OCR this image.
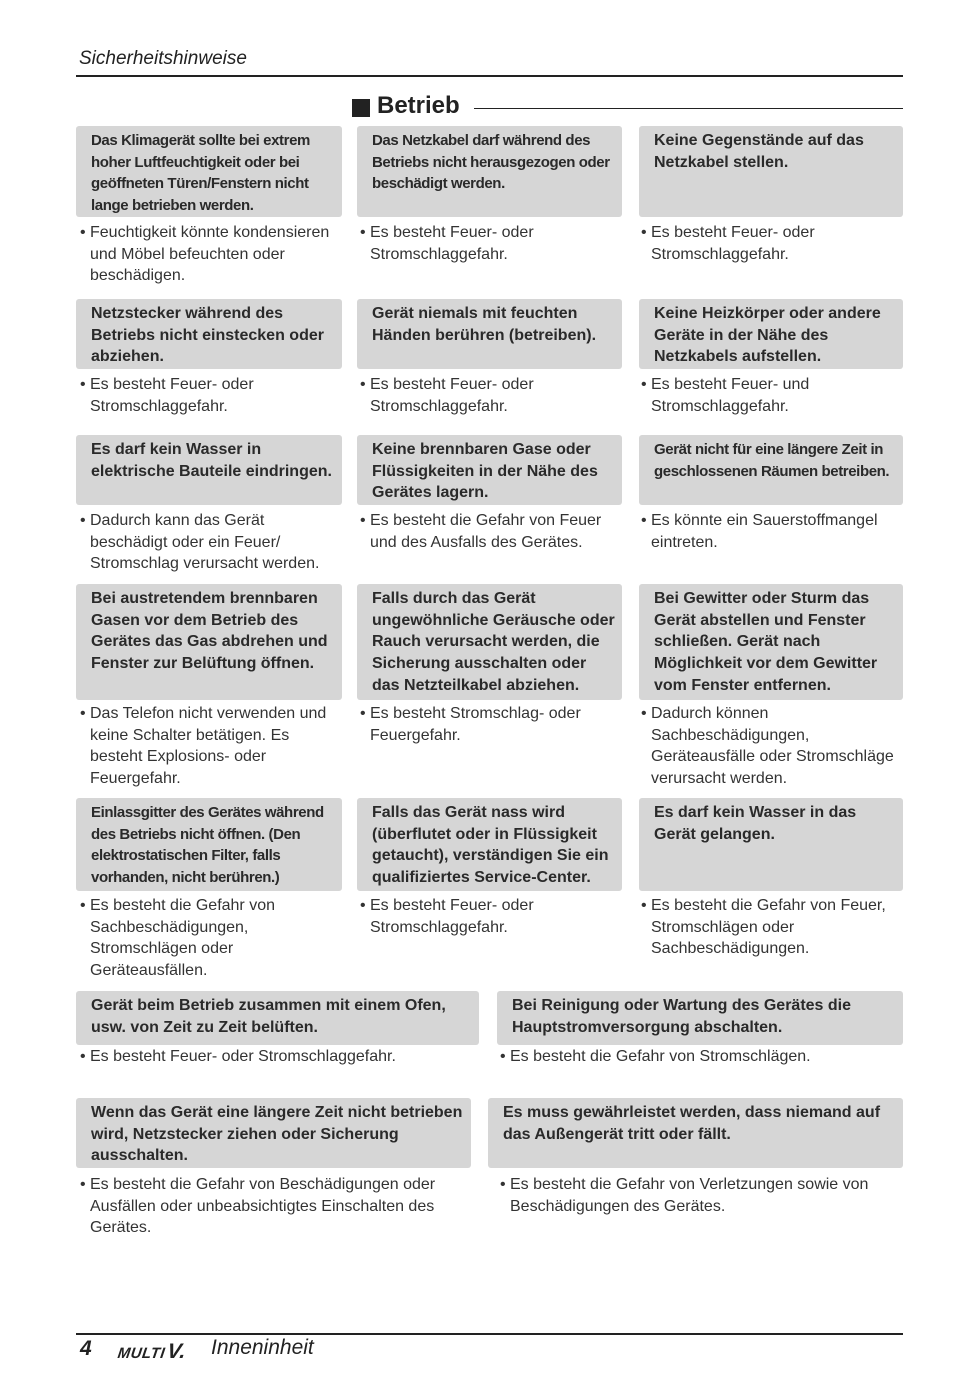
Sicherheitshinweise
Betrieb
Das Klimagerät sollte bei extrem hoher Luftfeuchtigkeit oder bei geöffneten Türen/Fenstern nicht lange betrieben werden.
• Feuchtigkeit könnte kondensieren und Möbel befeuchten oder beschädigen.
Das Netzkabel darf während des Betriebs nicht herausgezogen oder beschädigt werden.
• Es besteht Feuer- oder Stromschlaggefahr.
Keine Gegenstände auf das Netzkabel stellen.
• Es besteht Feuer- oder Stromschlaggefahr.
Netzstecker während des Betriebs nicht einstecken oder abziehen.
• Es besteht Feuer- oder Stromschlaggefahr.
Gerät niemals mit feuchten Händen berühren (betreiben).
• Es besteht Feuer- oder Stromschlaggefahr.
Keine Heizkörper oder andere Geräte in der Nähe des Netzkabels aufstellen.
• Es besteht Feuer- und Stromschlaggefahr.
Es darf kein Wasser in elektrische Bauteile eindringen.
• Dadurch kann das Gerät beschädigt oder ein Feuer/ Stromschlag verursacht werden.
Keine brennbaren Gase oder Flüssigkeiten in der Nähe des Gerätes lagern.
• Es besteht die Gefahr von Feuer und des Ausfalls des Gerätes.
Gerät nicht für eine längere Zeit in geschlossenen Räumen betreiben.
• Es könnte ein Sauerstoffmangel eintreten.
Bei austretendem brennbaren Gasen vor dem Betrieb des Gerätes das Gas abdrehen und Fenster zur Belüftung öffnen.
• Das Telefon nicht verwenden und keine Schalter betätigen. Es besteht Explosions- oder Feuergefahr.
Falls durch das Gerät ungewöhnliche Geräusche oder Rauch verursacht werden, die Sicherung ausschalten oder das Netzteilkabel abziehen.
• Es besteht Stromschlag- oder Feuergefahr.
Bei Gewitter oder Sturm das Gerät abstellen und Fenster schließen. Gerät nach Möglichkeit vor dem Gewitter vom Fenster entfernen.
• Dadurch können Sachbeschädigungen, Geräteausfälle oder Stromschläge verursacht werden.
Einlassgitter des Gerätes während des Betriebs nicht öffnen. (Den elektrostatischen Filter, falls vorhanden, nicht berühren.)
• Es besteht die Gefahr von Sachbeschädigungen, Stromschlägen oder Geräteausfällen.
Falls das Gerät nass wird (überflutet oder in Flüssigkeit getaucht), verständigen Sie ein qualifiziertes Service-Center.
• Es besteht Feuer- oder Stromschlaggefahr.
Es darf kein Wasser in das Gerät gelangen.
• Es besteht die Gefahr von Feuer, Stromschlägen oder Sachbeschädigungen.
Gerät beim Betrieb zusammen mit einem Ofen, usw. von Zeit zu Zeit belüften.
• Es besteht Feuer- oder Stromschlaggefahr.
Bei Reinigung oder Wartung des Gerätes die Hauptstromversorgung abschalten.
• Es besteht die Gefahr von Stromschlägen.
Wenn das Gerät eine längere Zeit nicht betrieben wird, Netzstecker ziehen oder Sicherung ausschalten.
• Es besteht die Gefahr von Beschädigungen oder Ausfällen oder unbeabsichtigtes Einschalten des Gerätes.
Es muss gewährleistet werden, dass niemand auf das Außengerät tritt oder fällt.
• Es besteht die Gefahr von Verletzungen sowie von Beschädigungen des Gerätes.
4 MULTIV. Inneninheit
